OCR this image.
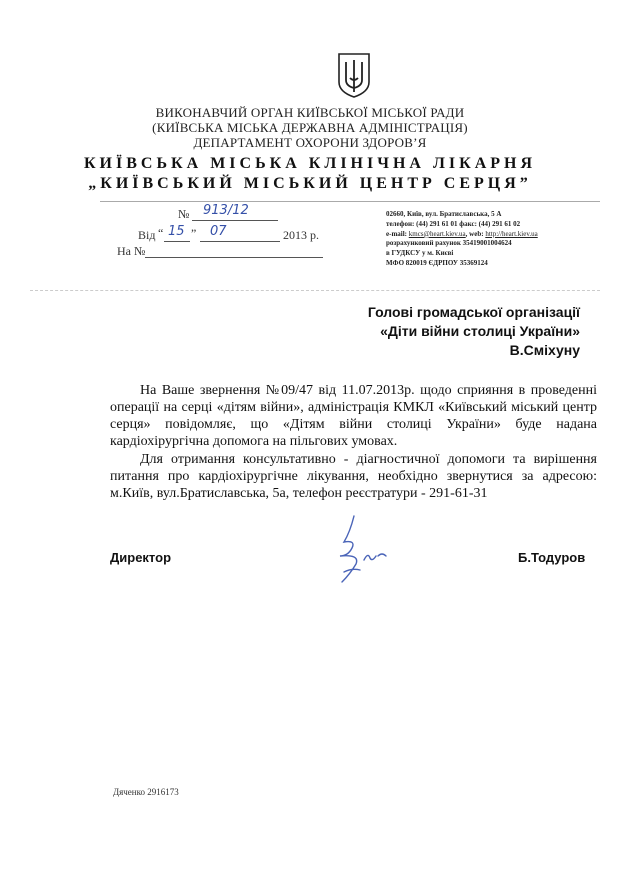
ВИКОНАВЧИЙ ОРГАН КИЇВСЬКОЇ МІСЬКОЇ РАДИ
(КИЇВСЬКА МІСЬКА ДЕРЖАВНА АДМІНІСТРАЦІЯ)
ДЕПАРТАМЕНТ ОХОРОНИ ЗДОРОВ’Я
КИЇВСЬКА МІСЬКА КЛІНІЧНА ЛІКАРНЯ
„КИЇВСЬКИЙ МІСЬКИЙ ЦЕНТР СЕРЦЯ”
№ 913/12
Від “ 15 ” 07	2013 р.
На №
02660, Київ, вул. Братиславська, 5 А
телефон: (44) 291 61 01 факс: (44) 291 61 02
e-mail: kmcs@heart.kiev.ua, web: http://heart.kiev.ua
розрахунковий рахунок 35419001004624
в ГУДКСУ у м. Києві
МФО 820019 ЄДРПОУ 35369124
Голові громадської організації
«Діти війни столиці України»
В.Сміхуну
На Ваше звернення №09/47 від 11.07.2013р. щодо сприяння в проведенні операції на серці «дітям війни», адміністрація КМКЛ «Київський міський центр серця» повідомляє, що «Дітям війни столиці України» буде надана кардіохірургічна допомога на пільгових умовах.
Для отримання консультативно - діагностичної допомоги та вирішення питання про кардіохірургічне лікування, необхідно звернутися за адресою: м.Київ, вул.Братиславська, 5а, телефон реєстратури - 291-61-31
Директор	Б.Тодуров
Дяченко 2916173
